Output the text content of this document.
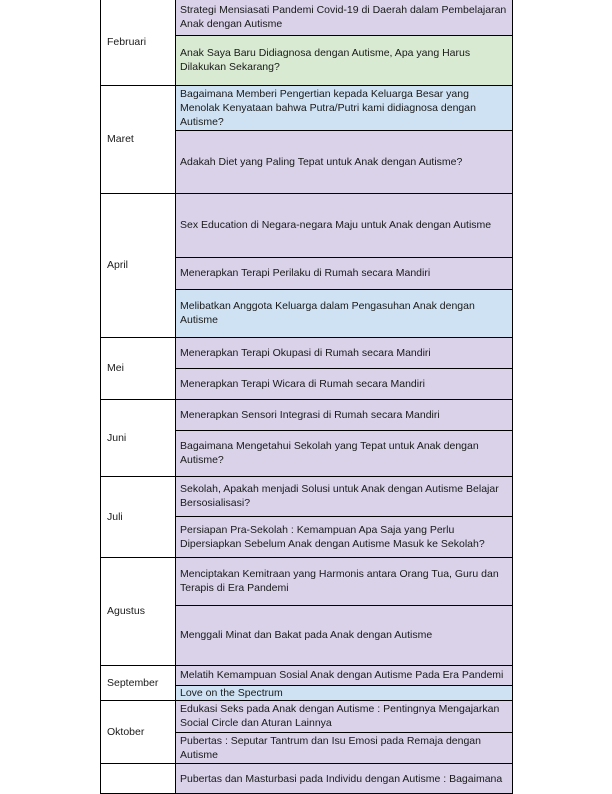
Februari	Strategi Mensiasati Pandemi Covid-19 di Daerah dalam Pembelajaran Anak dengan Autisme
	Anak Saya Baru Didiagnosa dengan Autisme, Apa yang Harus Dilakukan Sekarang?
Maret	Bagaimana Memberi Pengertian kepada Keluarga Besar yang Menolak Kenyataan bahwa Putra/Putri kami didiagnosa dengan Autisme?
	Adakah Diet yang Paling Tepat untuk Anak dengan Autisme?
April	Sex Education di Negara-negara Maju untuk Anak dengan Autisme
	Menerapkan Terapi Perilaku di Rumah secara Mandiri
	Melibatkan Anggota Keluarga dalam Pengasuhan Anak dengan Autisme
Mei	Menerapkan Terapi Okupasi di Rumah secara Mandiri
	Menerapkan Terapi Wicara di Rumah secara Mandiri
Juni	Menerapkan Sensori Integrasi di Rumah secara Mandiri
	Bagaimana Mengetahui Sekolah yang Tepat untuk Anak dengan Autisme?
Juli	Sekolah, Apakah menjadi Solusi untuk Anak dengan Autisme Belajar Bersosialisasi?
	Persiapan Pra-Sekolah : Kemampuan Apa Saja yang Perlu Dipersiapkan Sebelum Anak dengan Autisme Masuk ke Sekolah?
Agustus	Menciptakan Kemitraan yang Harmonis antara Orang Tua, Guru dan Terapis di Era Pandemi
	Menggali Minat dan Bakat pada Anak dengan Autisme
September	Melatih Kemampuan Sosial Anak dengan Autisme Pada Era Pandemi
	Love on the Spectrum
Oktober	Edukasi Seks pada Anak dengan Autisme : Pentingnya Mengajarkan Social Circle dan Aturan Lainnya
	Pubertas : Seputar Tantrum dan Isu Emosi pada Remaja dengan Autisme
	Pubertas dan Masturbasi pada Individu dengan Autisme : Bagaimana
